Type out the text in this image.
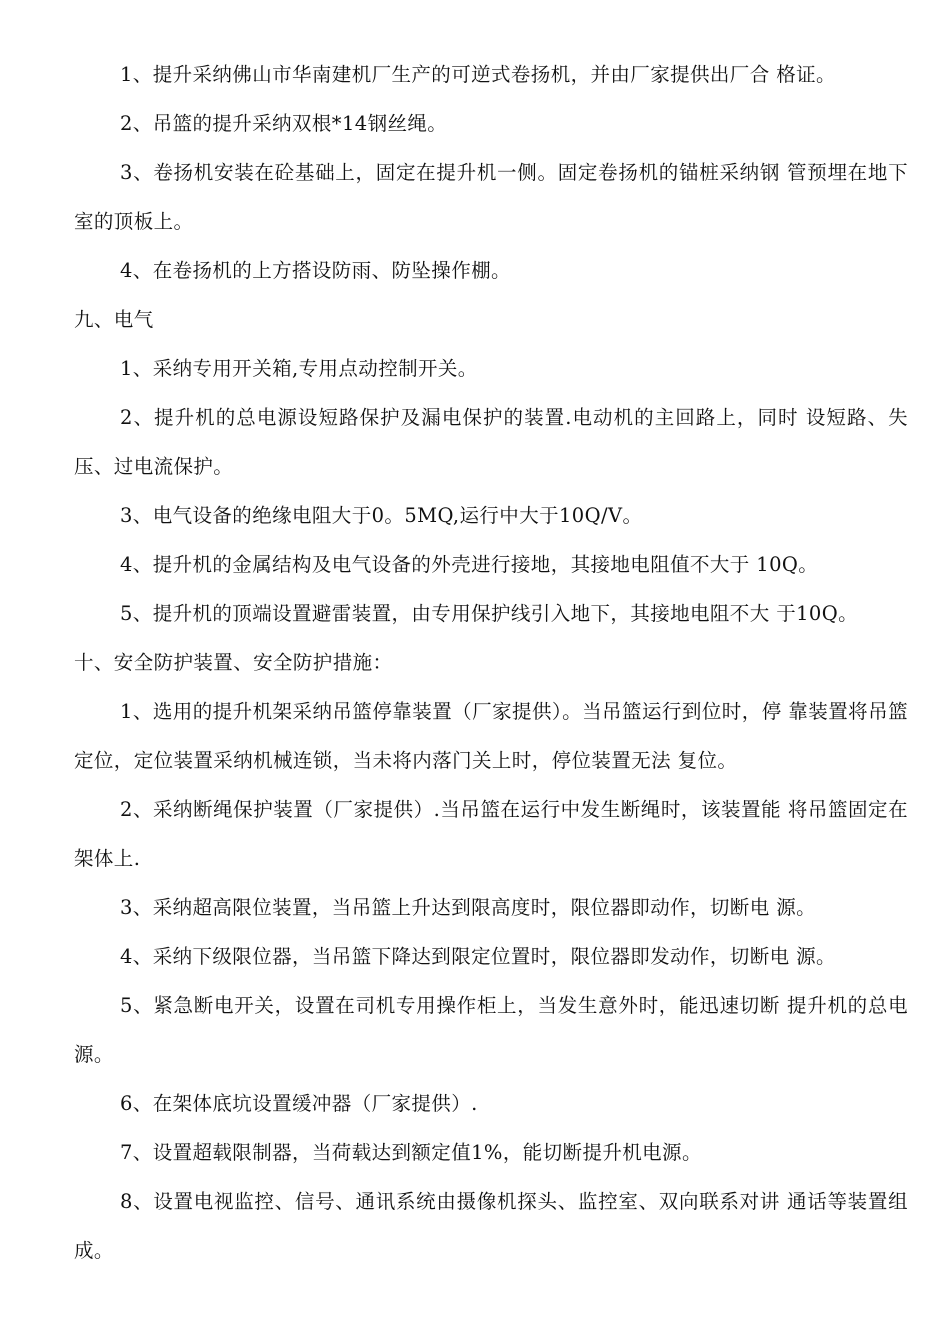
1、提升采纳佛山市华南建机厂生产的可逆式卷扬机，并由厂家提供出厂合 格证。

2、吊篮的提升采纳双根*14钢丝绳。

3、卷扬机安装在砼基础上，固定在提升机一侧。固定卷扬机的锚桩采纳钢 管预埋在地下室的顶板上。

4、在卷扬机的上方搭设防雨、防坠操作棚。

九、电气

1、采纳专用开关箱,专用点动控制开关。

2、提升机的总电源设短路保护及漏电保护的装置.电动机的主回路上，同时 设短路、失压、过电流保护。

3、电气设备的绝缘电阻大于0。5MQ,运行中大于10Q/V。

4、提升机的金属结构及电气设备的外壳进行接地，其接地电阻值不大于 10Q。

5、提升机的顶端设置避雷装置，由专用保护线引入地下，其接地电阻不大 于10Q。

十、安全防护装置、安全防护措施：

1、选用的提升机架采纳吊篮停靠装置（厂家提供）。当吊篮运行到位时，停 靠装置将吊篮定位，定位装置采纳机械连锁，当未将内落门关上时，停位装置无法 复位。

2、采纳断绳保护装置（厂家提供）.当吊篮在运行中发生断绳时，该装置能 将吊篮固定在架体上.

3、采纳超高限位装置，当吊篮上升达到限高度时，限位器即动作，切断电 源。

4、采纳下级限位器，当吊篮下降达到限定位置时，限位器即发动作，切断电 源。

5、紧急断电开关，设置在司机专用操作柜上，当发生意外时，能迅速切断 提升机的总电源。

6、在架体底坑设置缓冲器（厂家提供）.

7、设置超载限制器，当荷载达到额定值1%，能切断提升机电源。

8、设置电视监控、信号、通讯系统由摄像机探头、监控室、双向联系对讲 通话等装置组成。
